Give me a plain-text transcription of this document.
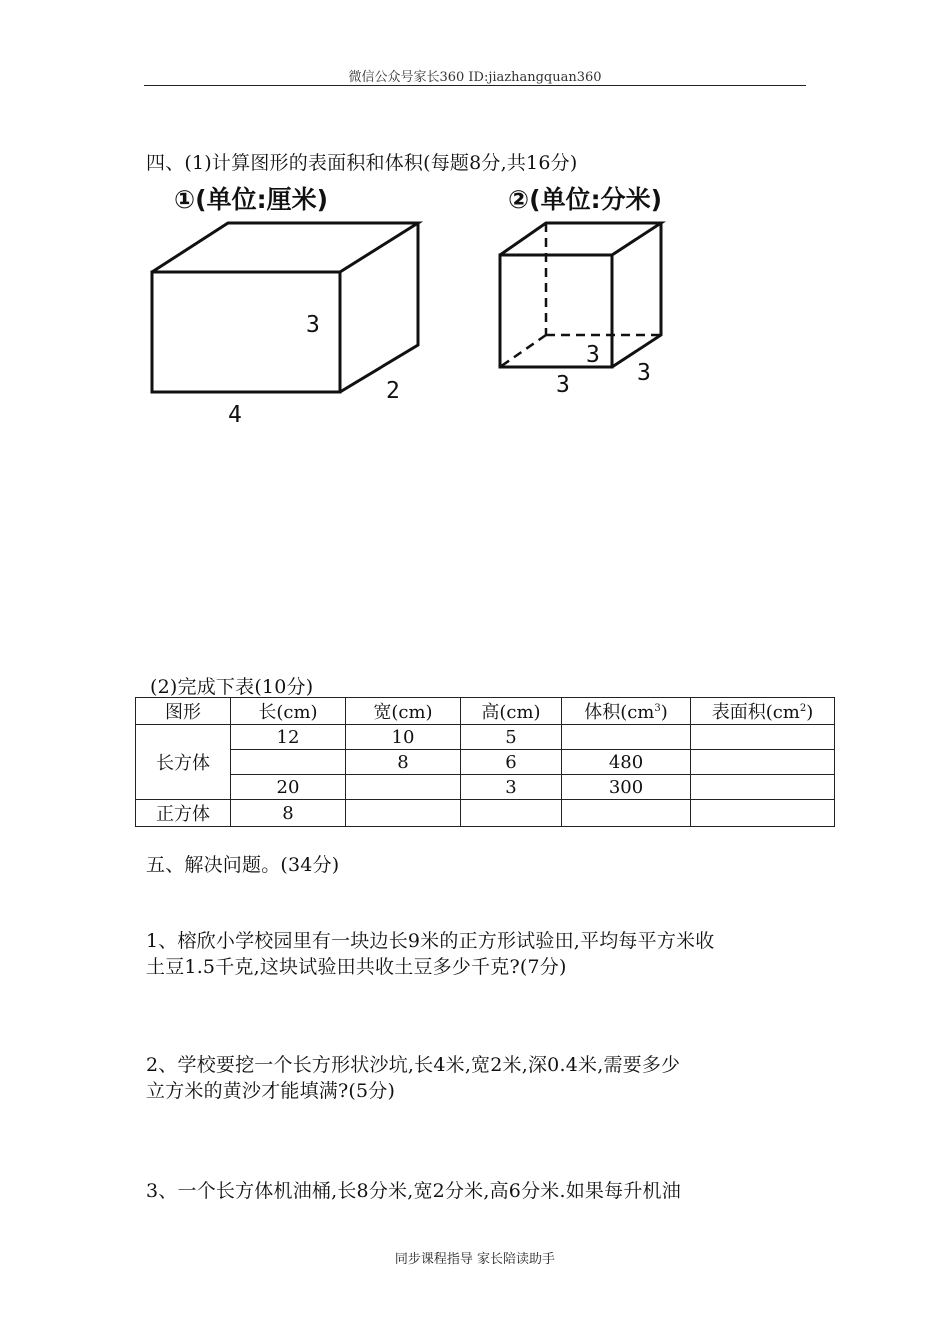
微信公众号家长360 ID:jiazhangquan360
四、(1)计算图形的表面积和体积(每题8分,共16分)
①(单位:厘米)	②(单位:分米)
3
2
4
3
3	3
(2)完成下表(10分)
图形	长(cm)	宽(cm)	高(cm)	体积$(cm^3)$	表面积$(cm^2)$
长方体	12	10	5		
		8	6	480	
	20		3	300	
正方体	8				
五、解决问题。(34分)
1、榕欣小学校园里有一块边长9米的正方形试验田,平均每平方米收
土豆1.5千克,这块试验田共收土豆多少千克?(7分)
2、学校要挖一个长方形状沙坑,长4米,宽2米,深0.4米,需要多少
立方米的黄沙才能填满?(5分)
3、一个长方体机油桶,长8分米,宽2分米,高6分米.如果每升机油
同步课程指导 家长陪读助手
